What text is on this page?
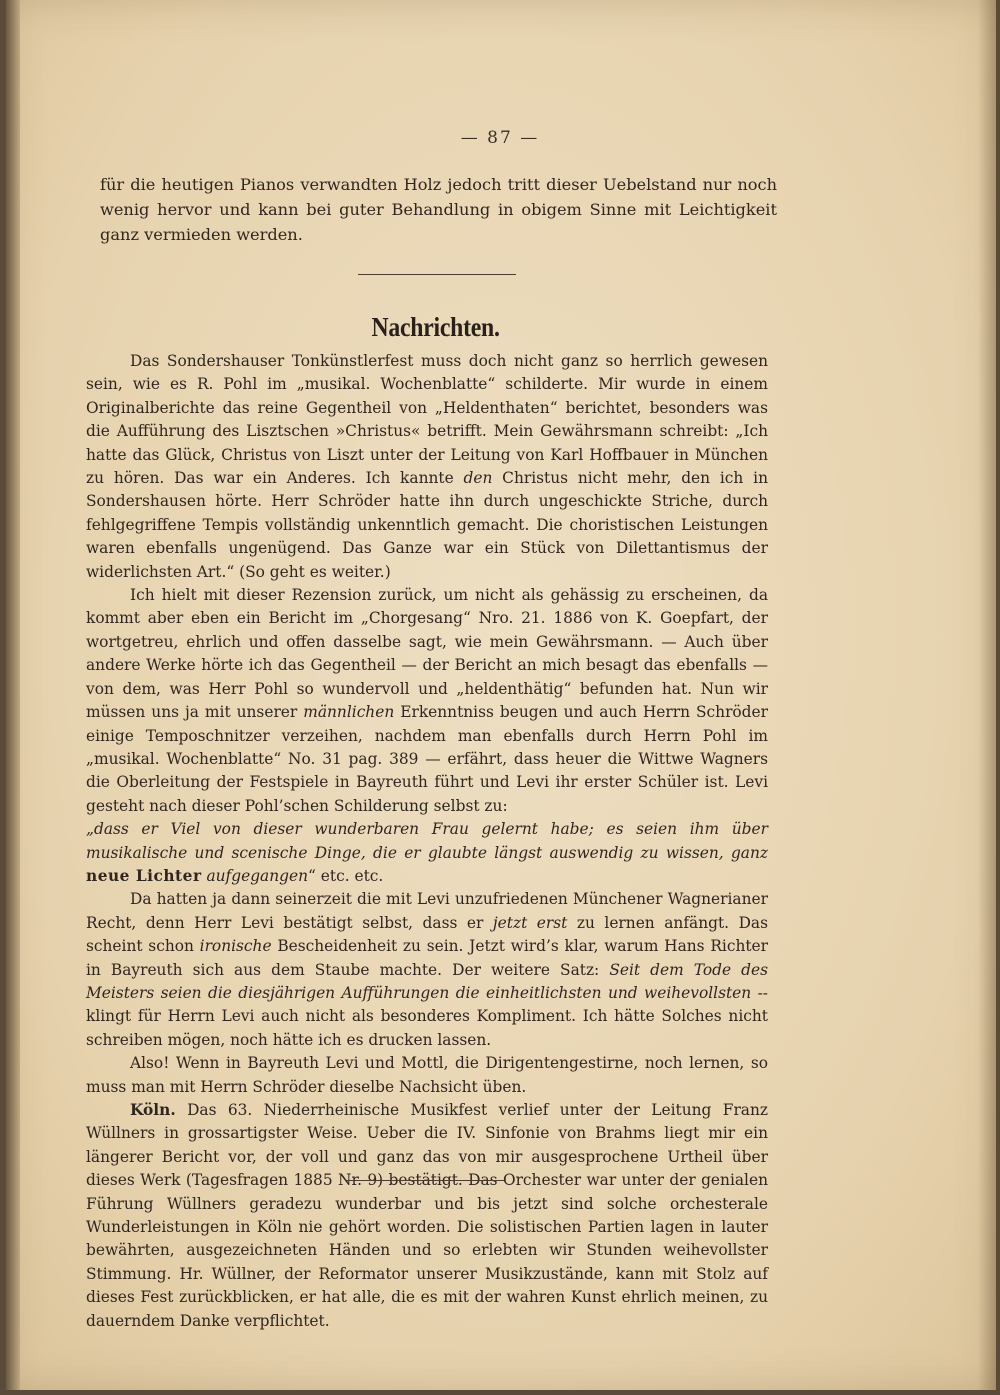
— 87 —
für die heutigen Pianos verwandten Holz jedoch tritt dieser Uebelstand nur noch wenig hervor und kann bei guter Behandlung in obigem Sinne mit Leichtigkeit ganz vermieden werden.
Nachrichten.

Das Sondershauser Tonkünstlerfest muss doch nicht ganz so herrlich gewesen sein, wie es R. Pohl im „musikal. Wochenblatte“ schilderte. Mir wurde in einem Originalberichte das reine Gegentheil von „Heldenthaten“ berichtet, besonders was die Aufführung des Lisztschen »Christus« betrifft. Mein Gewährsmann schreibt: „Ich hatte das Glück, Christus von Liszt unter der Leitung von Karl Hoffbauer in München zu hören. Das war ein Anderes. Ich kannte den Christus nicht mehr, den ich in Sondershausen hörte. Herr Schröder hatte ihn durch ungeschickte Striche, durch fehlgegriffene Tempis vollständig unkenntlich gemacht. Die choristischen Leistungen waren ebenfalls ungenügend. Das Ganze war ein Stück von Dilettantismus der widerlichsten Art.“ (So geht es weiter.)

Ich hielt mit dieser Rezension zurück, um nicht als gehässig zu erscheinen, da kommt aber eben ein Bericht im „Chorgesang“ Nro. 21. 1886 von K. Goepfart, der wortgetreu, ehrlich und offen dasselbe sagt, wie mein Gewährsmann. — Auch über andere Werke hörte ich das Gegentheil — der Bericht an mich besagt das ebenfalls — von dem, was Herr Pohl so wundervoll und „heldenthätig“ befunden hat. Nun wir müssen uns ja mit unserer männlichen Erkenntniss beugen und auch Herrn Schröder einige Temposchnitzer verzeihen, nachdem man ebenfalls durch Herrn Pohl im „musikal. Wochenblatte“ No. 31 pag. 389 — erfährt, dass heuer die Wittwe Wagners die Oberleitung der Festspiele in Bayreuth führt und Levi ihr erster Schüler ist. Levi gesteht nach dieser Pohl’schen Schilderung selbst zu:

„dass er Viel von dieser wunderbaren Frau gelernt habe; es seien ihm über musikalische und scenische Dinge, die er glaubte längst auswendig zu wissen, ganz neue Lichter aufgegangen“ etc. etc.

Da hatten ja dann seinerzeit die mit Levi unzufriedenen Münchener Wagnerianer Recht, denn Herr Levi bestätigt selbst, dass er jetzt erst zu lernen anfängt. Das scheint schon ironische Bescheidenheit zu sein. Jetzt wird’s klar, warum Hans Richter in Bayreuth sich aus dem Staube machte. Der weitere Satz: Seit dem Tode des Meisters seien die diesjährigen Aufführungen die einheitlichsten und weihevollsten -- klingt für Herrn Levi auch nicht als besonderes Kompliment. Ich hätte Solches nicht schreiben mögen, noch hätte ich es drucken lassen.

Also! Wenn in Bayreuth Levi und Mottl, die Dirigentengestirne, noch lernen, so muss man mit Herrn Schröder dieselbe Nachsicht üben.

Köln. Das 63. Niederrheinische Musikfest verlief unter der Leitung Franz Wüllners in grossartigster Weise. Ueber die IV. Sinfonie von Brahms liegt mir ein längerer Bericht vor, der voll und ganz das von mir ausgesprochene Urtheil über dieses Werk (Tagesfragen 1885 Nr. 9) bestätigt. Das Orchester war unter der genialen Führung Wüllners geradezu wunderbar und bis jetzt sind solche orchesterale Wunderleistungen in Köln nie gehört worden. Die solistischen Partien lagen in lauter bewährten, ausgezeichneten Händen und so erlebten wir Stunden weihevollster Stimmung. Hr. Wüllner, der Reformator unserer Musikzustände, kann mit Stolz auf dieses Fest zurückblicken, er hat alle, die es mit der wahren Kunst ehrlich meinen, zu dauerndem Danke verpflichtet.
